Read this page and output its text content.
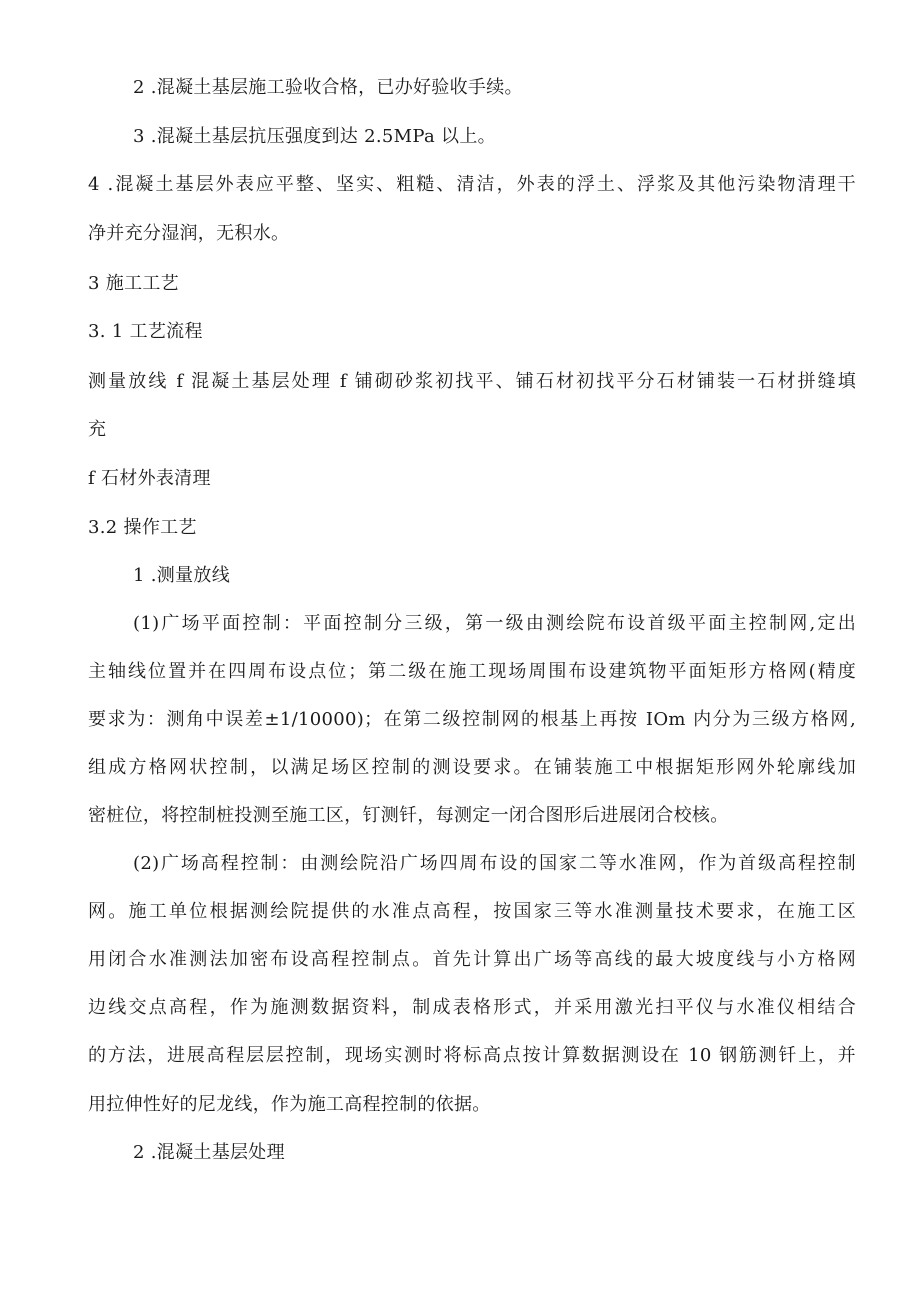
2 .混凝土基层施工验收合格，已办好验收手续。
3 .混凝土基层抗压强度到达 2.5MPa 以上。
4 .混凝土基层外表应平整、坚实、粗糙、清洁，外表的浮土、浮浆及其他污染物清理干
净并充分湿润，无积水。
3 施工工艺
3. 1 工艺流程
测量放线 f 混凝土基层处理 f 铺砌砂浆初找平、铺石材初找平分石材铺装一石材拼缝填
充
f 石材外表清理
3.2 操作工艺
1 .测量放线
(1)广场平面控制：平面控制分三级，第一级由测绘院布设首级平面主控制网,定出
主轴线位置并在四周布设点位；第二级在施工现场周围布设建筑物平面矩形方格网(精度
要求为：测角中误差±1/10000)；在第二级控制网的根基上再按 IOm 内分为三级方格网,
组成方格网状控制，以满足场区控制的测设要求。在铺装施工中根据矩形网外轮廓线加
密桩位，将控制桩投测至施工区，钉测钎，每测定一闭合图形后进展闭合校核。
(2)广场高程控制：由测绘院沿广场四周布设的国家二等水准网，作为首级高程控制
网。施工单位根据测绘院提供的水准点高程，按国家三等水准测量技术要求，在施工区
用闭合水准测法加密布设高程控制点。首先计算出广场等高线的最大坡度线与小方格网
边线交点高程，作为施测数据资料，制成表格形式，并采用激光扫平仪与水准仪相结合
的方法，进展高程层层控制，现场实测时将标高点按计算数据测设在 10 钢筋测钎上，并
用拉伸性好的尼龙线，作为施工高程控制的依据。
2 .混凝土基层处理
